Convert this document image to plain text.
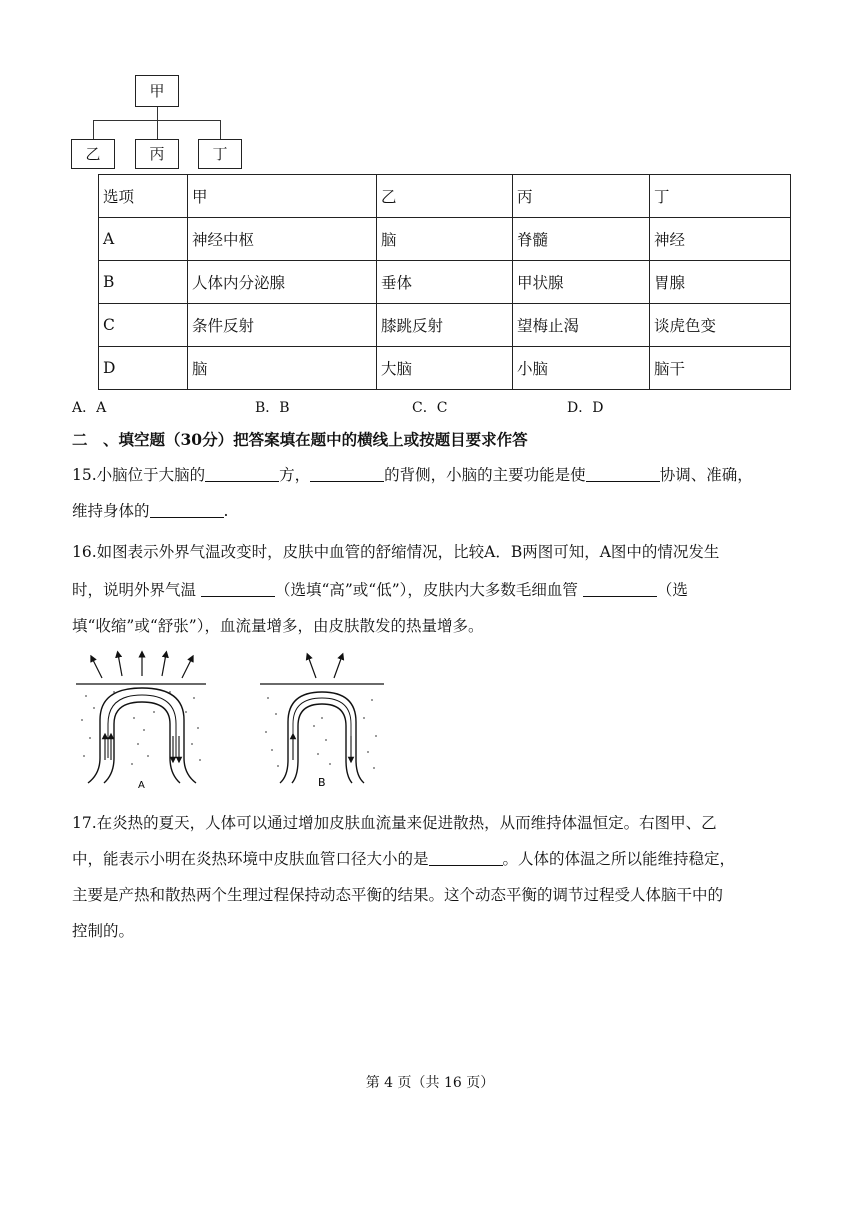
甲
乙	丙	丁
选项	甲	乙	丙	丁
A	神经中枢	脑	脊髓	神经
B	人体内分泌腺	垂体	甲状腺	胃腺
C	条件反射	膝跳反射	望梅止渴	谈虎色变
D	脑	大脑	小脑	脑干
A．A	B．B	C．C	D．D
二　、填空题（30分）把答案填在题中的横线上或按题目要求作答
15.小脑位于大脑的	方，	的背侧，小脑的主要功能是使	协调、准确，
维持身体的	.
16.如图表示外界气温改变时，皮肤中血管的舒缩情况，比较A．B两图可知，A图中的情况发生
时，说明外界气温	（选填“高”或“低”），皮肤内大多数毛细血管	（选
填“收缩”或“舒张”），血流量增多，由皮肤散发的热量增多。
A	B
17.在炎热的夏天，人体可以通过增加皮肤血流量来促进散热，从而维持体温恒定。右图甲、乙
中，能表示小明在炎热环境中皮肤血管口径大小的是	。人体的体温之所以能维持稳定，
主要是产热和散热两个生理过程保持动态平衡的结果。这个动态平衡的调节过程受人体脑干中的
控制的。
第 4 页（共 16 页）
